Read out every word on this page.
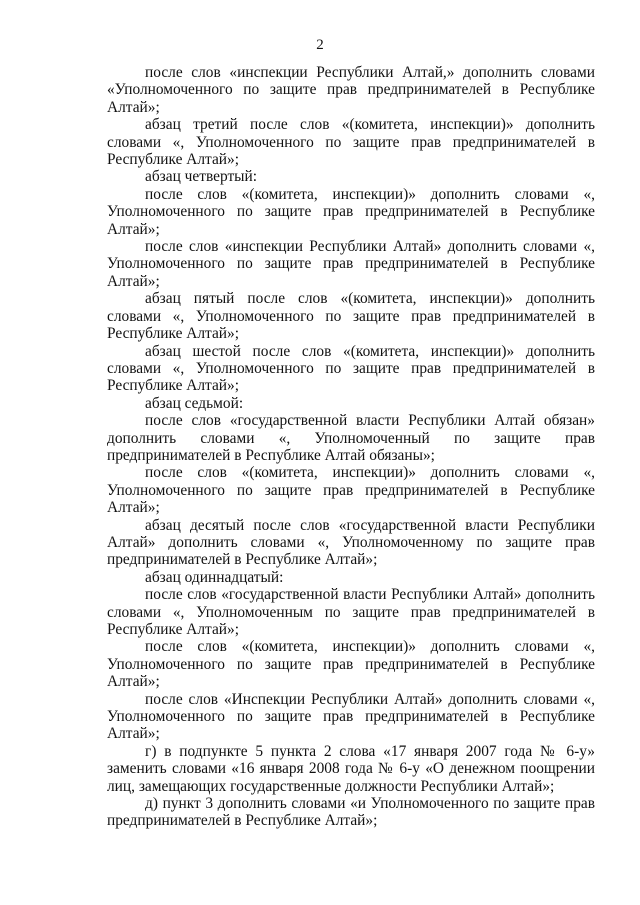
2

после слов «инспекции Республики Алтай,» дополнить словами «Уполномоченного по защите прав предпринимателей в Республике Алтай»;

абзац третий после слов «(комитета, инспекции)» дополнить словами «, Уполномоченного по защите прав предпринимателей в Республике Алтай»;

абзац четвертый:

после слов «(комитета, инспекции)» дополнить словами «, Уполномоченного по защите прав предпринимателей в Республике Алтай»;

после слов «инспекции Республики Алтай» дополнить словами «, Уполномоченного по защите прав предпринимателей в Республике Алтай»;

абзац пятый после слов «(комитета, инспекции)» дополнить словами «, Уполномоченного по защите прав предпринимателей в Республике Алтай»;

абзац шестой после слов «(комитета, инспекции)» дополнить словами «, Уполномоченного по защите прав предпринимателей в Республике Алтай»;

абзац седьмой:

после слов «государственной власти Республики Алтай обязан» дополнить словами «, Уполномоченный по защите прав предпринимателей в Республике Алтай обязаны»;

после слов «(комитета, инспекции)» дополнить словами «, Уполномоченного по защите прав предпринимателей в Республике Алтай»;

абзац десятый после слов «государственной власти Республики Алтай» дополнить словами «, Уполномоченному по защите прав предпринимателей в Республике Алтай»;

абзац одиннадцатый:

после слов «государственной власти Республики Алтай» дополнить словами «, Уполномоченным по защите прав предпринимателей в Республике Алтай»;

после слов «(комитета, инспекции)» дополнить словами «, Уполномоченного по защите прав предпринимателей в Республике Алтай»;

после слов «Инспекции Республики Алтай» дополнить словами «, Уполномоченного по защите прав предпринимателей в Республике Алтай»;

г) в подпункте 5 пункта 2 слова «17 января 2007 года № 6-у» заменить словами «16 января 2008 года № 6-у «О денежном поощрении лиц, замещающих государственные должности Республики Алтай»;

д) пункт 3 дополнить словами «и Уполномоченного по защите прав предпринимателей в Республике Алтай»;
